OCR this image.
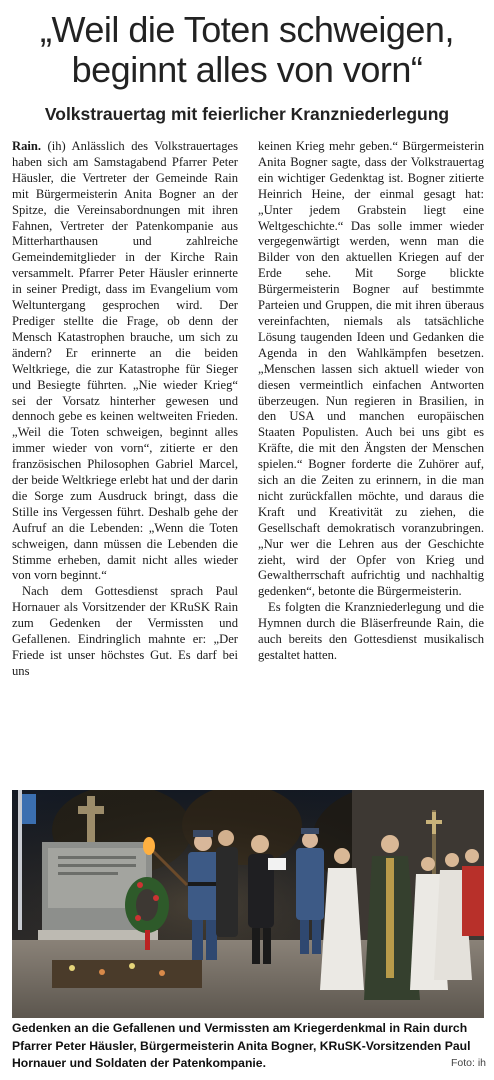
„Weil die Toten schweigen,
beginnt alles von vorn“
Volkstrauertag mit feierlicher Kranzniederlegung

Rain. (ih) Anlässlich des Volkstrauertages haben sich am Samstagabend Pfarrer Peter Häusler, die Vertreter der Gemeinde Rain mit Bürgermeisterin Anita Bogner an der Spitze, die Vereinsabordnungen mit ihren Fahnen, Vertreter der Patenkompanie aus Mitterharthausen und zahlreiche Gemeindemitglieder in der Kirche Rain versammelt. Pfarrer Peter Häusler erinnerte in seiner Predigt, dass im Evangelium vom Weltuntergang gesprochen wird. Der Prediger stellte die Frage, ob denn der Mensch Katastrophen brauche, um sich zu ändern? Er erinnerte an die beiden Weltkriege, die zur Katastrophe für Sieger und Besiegte führten. „Nie wieder Krieg“ sei der Vorsatz hinterher gewesen und dennoch gebe es keinen weltweiten Frieden. „Weil die Toten schweigen, beginnt alles immer wieder von vorn“, zitierte er den französischen Philosophen Gabriel Marcel, der beide Weltkriege erlebt hat und der darin die Sorge zum Ausdruck bringt, dass die Stille ins Vergessen führt. Deshalb gehe der Aufruf an die Lebenden: „Wenn die Toten schweigen, dann müssen die Lebenden die Stimme erheben, damit nicht alles wieder von vorn beginnt.“

Nach dem Gottesdienst sprach Paul Hornauer als Vorsitzender der KRuSK Rain zum Gedenken der Vermissten und Gefallenen. Eindringlich mahnte er: „Der Friede ist unser höchstes Gut. Es darf bei uns

keinen Krieg mehr geben.“ Bürgermeisterin Anita Bogner sagte, dass der Volkstrauertag ein wichtiger Gedenktag ist. Bogner zitierte Heinrich Heine, der einmal gesagt hat: „Unter jedem Grabstein liegt eine Weltgeschichte.“ Das solle immer wieder vergegenwärtigt werden, wenn man die Bilder von den aktuellen Kriegen auf der Erde sehe. Mit Sorge blickte Bürgermeisterin Bogner auf bestimmte Parteien und Gruppen, die mit ihren überaus vereinfachten, niemals als tatsächliche Lösung taugenden Ideen und Gedanken die Agenda in den Wahlkämpfen besetzen. „Menschen lassen sich aktuell wieder von diesen vermeintlich einfachen Antworten überzeugen. Nun regieren in Brasilien, in den USA und manchen europäischen Staaten Populisten. Auch bei uns gibt es Kräfte, die mit den Ängsten der Menschen spielen.“ Bogner forderte die Zuhörer auf, sich an die Zeiten zu erinnern, in die man nicht zurückfallen möchte, und daraus die Kraft und Kreativität zu ziehen, die Gesellschaft demokratisch voranzubringen. „Nur wer die Lehren aus der Geschichte zieht, wird der Opfer von Krieg und Gewaltherrschaft aufrichtig und nachhaltig gedenken“, betonte die Bürgermeisterin.

Es folgten die Kranzniederlegung und die Hymnen durch die Bläserfreunde Rain, die auch bereits den Gottesdienst musikalisch gestaltet hatten.

Gedenken an die Gefallenen und Vermissten am Kriegerdenkmal in Rain durch Pfarrer Peter Häusler, Bürgermeisterin Anita Bogner, KRuSK-Vorsitzenden Paul Hornauer und Soldaten der Patenkompanie.	Foto: ih
